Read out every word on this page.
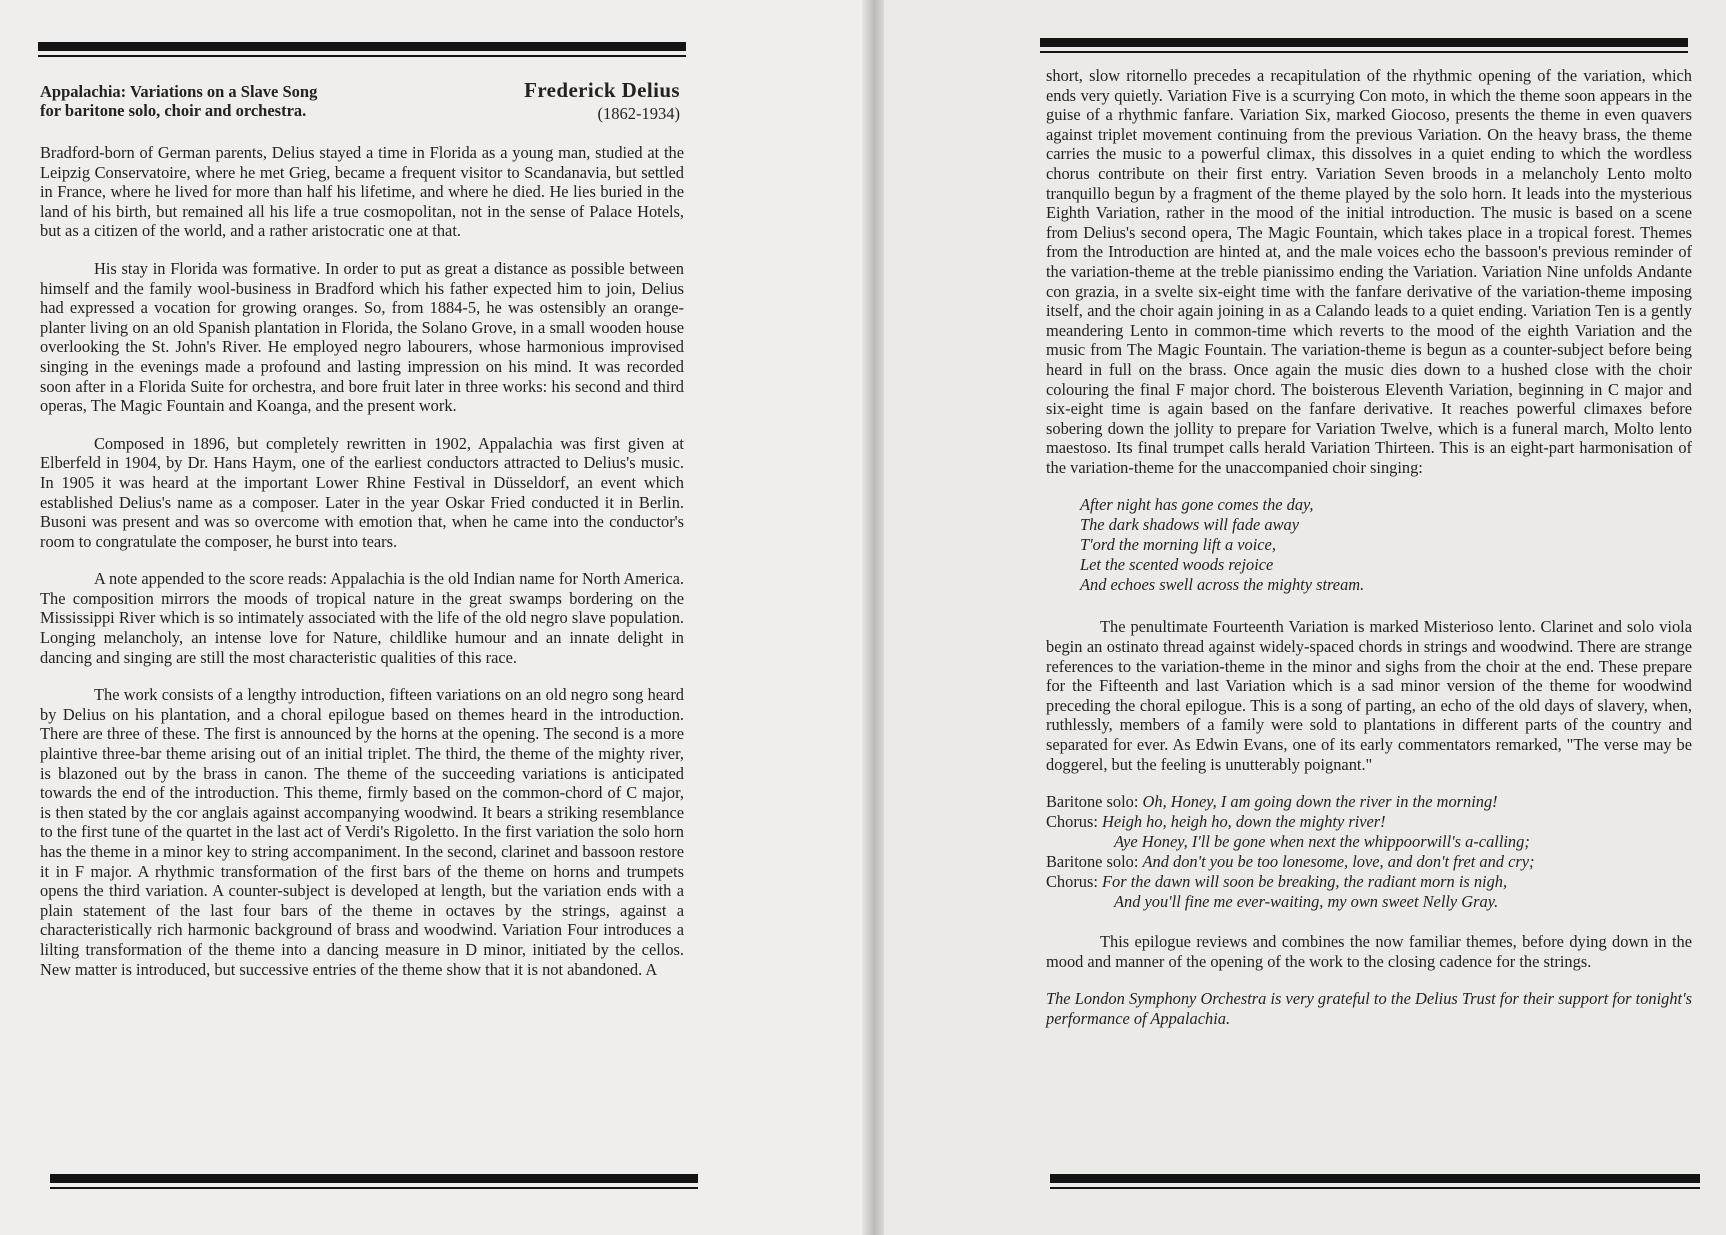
Appalachia: Variations on a Slave Song
for baritone solo, choir and orchestra.
Frederick Delius
(1862-1934)

Bradford-born of German parents, Delius stayed a time in Florida as a young man, studied at the Leipzig Conservatoire, where he met Grieg, became a frequent visitor to Scandanavia, but settled in France, where he lived for more than half his lifetime, and where he died. He lies buried in the land of his birth, but remained all his life a true cosmopolitan, not in the sense of Palace Hotels, but as a citizen of the world, and a rather aristocratic one at that.

His stay in Florida was formative. In order to put as great a distance as possible between himself and the family wool-business in Bradford which his father expected him to join, Delius had expressed a vocation for growing oranges. So, from 1884-5, he was ostensibly an orange-planter living on an old Spanish plantation in Florida, the Solano Grove, in a small wooden house overlooking the St. John's River. He employed negro labourers, whose harmonious improvised singing in the evenings made a profound and lasting impression on his mind. It was recorded soon after in a Florida Suite for orchestra, and bore fruit later in three works: his second and third operas, The Magic Fountain and Koanga, and the present work.

Composed in 1896, but completely rewritten in 1902, Appalachia was first given at Elberfeld in 1904, by Dr. Hans Haym, one of the earliest conductors attracted to Delius's music. In 1905 it was heard at the important Lower Rhine Festival in Düsseldorf, an event which established Delius's name as a composer. Later in the year Oskar Fried conducted it in Berlin. Busoni was present and was so overcome with emotion that, when he came into the conductor's room to congratulate the composer, he burst into tears.

A note appended to the score reads: Appalachia is the old Indian name for North America. The composition mirrors the moods of tropical nature in the great swamps bordering on the Mississippi River which is so intimately associated with the life of the old negro slave population. Longing melancholy, an intense love for Nature, childlike humour and an innate delight in dancing and singing are still the most characteristic qualities of this race.

The work consists of a lengthy introduction, fifteen variations on an old negro song heard by Delius on his plantation, and a choral epilogue based on themes heard in the introduction. There are three of these. The first is announced by the horns at the opening. The second is a more plaintive three-bar theme arising out of an initial triplet. The third, the theme of the mighty river, is blazoned out by the brass in canon. The theme of the succeeding variations is anticipated towards the end of the introduction. This theme, firmly based on the common-chord of C major, is then stated by the cor anglais against accompanying woodwind. It bears a striking resemblance to the first tune of the quartet in the last act of Verdi's Rigoletto. In the first variation the solo horn has the theme in a minor key to string accompaniment. In the second, clarinet and bassoon restore it in F major. A rhythmic transformation of the first bars of the theme on horns and trumpets opens the third variation. A counter-subject is developed at length, but the variation ends with a plain statement of the last four bars of the theme in octaves by the strings, against a characteristically rich harmonic background of brass and woodwind. Variation Four introduces a lilting transformation of the theme into a dancing measure in D minor, initiated by the cellos. New matter is introduced, but successive entries of the theme show that it is not abandoned. A

short, slow ritornello precedes a recapitulation of the rhythmic opening of the variation, which ends very quietly. Variation Five is a scurrying Con moto, in which the theme soon appears in the guise of a rhythmic fanfare. Variation Six, marked Giocoso, presents the theme in even quavers against triplet movement continuing from the previous Variation. On the heavy brass, the theme carries the music to a powerful climax, this dissolves in a quiet ending to which the wordless chorus contribute on their first entry. Variation Seven broods in a melancholy Lento molto tranquillo begun by a fragment of the theme played by the solo horn. It leads into the mysterious Eighth Variation, rather in the mood of the initial introduction. The music is based on a scene from Delius's second opera, The Magic Fountain, which takes place in a tropical forest. Themes from the Introduction are hinted at, and the male voices echo the bassoon's previous reminder of the variation-theme at the treble pianissimo ending the Variation. Variation Nine unfolds Andante con grazia, in a svelte six-eight time with the fanfare derivative of the variation-theme imposing itself, and the choir again joining in as a Calando leads to a quiet ending. Variation Ten is a gently meandering Lento in common-time which reverts to the mood of the eighth Variation and the music from The Magic Fountain. The variation-theme is begun as a counter-subject before being heard in full on the brass. Once again the music dies down to a hushed close with the choir colouring the final F major chord. The boisterous Eleventh Variation, beginning in C major and six-eight time is again based on the fanfare derivative. It reaches powerful climaxes before sobering down the jollity to prepare for Variation Twelve, which is a funeral march, Molto lento maestoso. Its final trumpet calls herald Variation Thirteen. This is an eight-part harmonisation of the variation-theme for the unaccompanied choir singing:

After night has gone comes the day,
The dark shadows will fade away
T'ord the morning lift a voice,
Let the scented woods rejoice
And echoes swell across the mighty stream.

The penultimate Fourteenth Variation is marked Misterioso lento. Clarinet and solo viola begin an ostinato thread against widely-spaced chords in strings and woodwind. There are strange references to the variation-theme in the minor and sighs from the choir at the end. These prepare for the Fifteenth and last Variation which is a sad minor version of the theme for woodwind preceding the choral epilogue. This is a song of parting, an echo of the old days of slavery, when, ruthlessly, members of a family were sold to plantations in different parts of the country and separated for ever. As Edwin Evans, one of its early commentators remarked, "The verse may be doggerel, but the feeling is unutterably poignant."

Baritone solo: Oh, Honey, I am going down the river in the morning!
Chorus: Heigh ho, heigh ho, down the mighty river!
Aye Honey, I'll be gone when next the whippoorwill's a-calling;
Baritone solo: And don't you be too lonesome, love, and don't fret and cry;
Chorus: For the dawn will soon be breaking, the radiant morn is nigh,
And you'll fine me ever-waiting, my own sweet Nelly Gray.

This epilogue reviews and combines the now familiar themes, before dying down in the mood and manner of the opening of the work to the closing cadence for the strings.

The London Symphony Orchestra is very grateful to the Delius Trust for their support for tonight's performance of Appalachia.
